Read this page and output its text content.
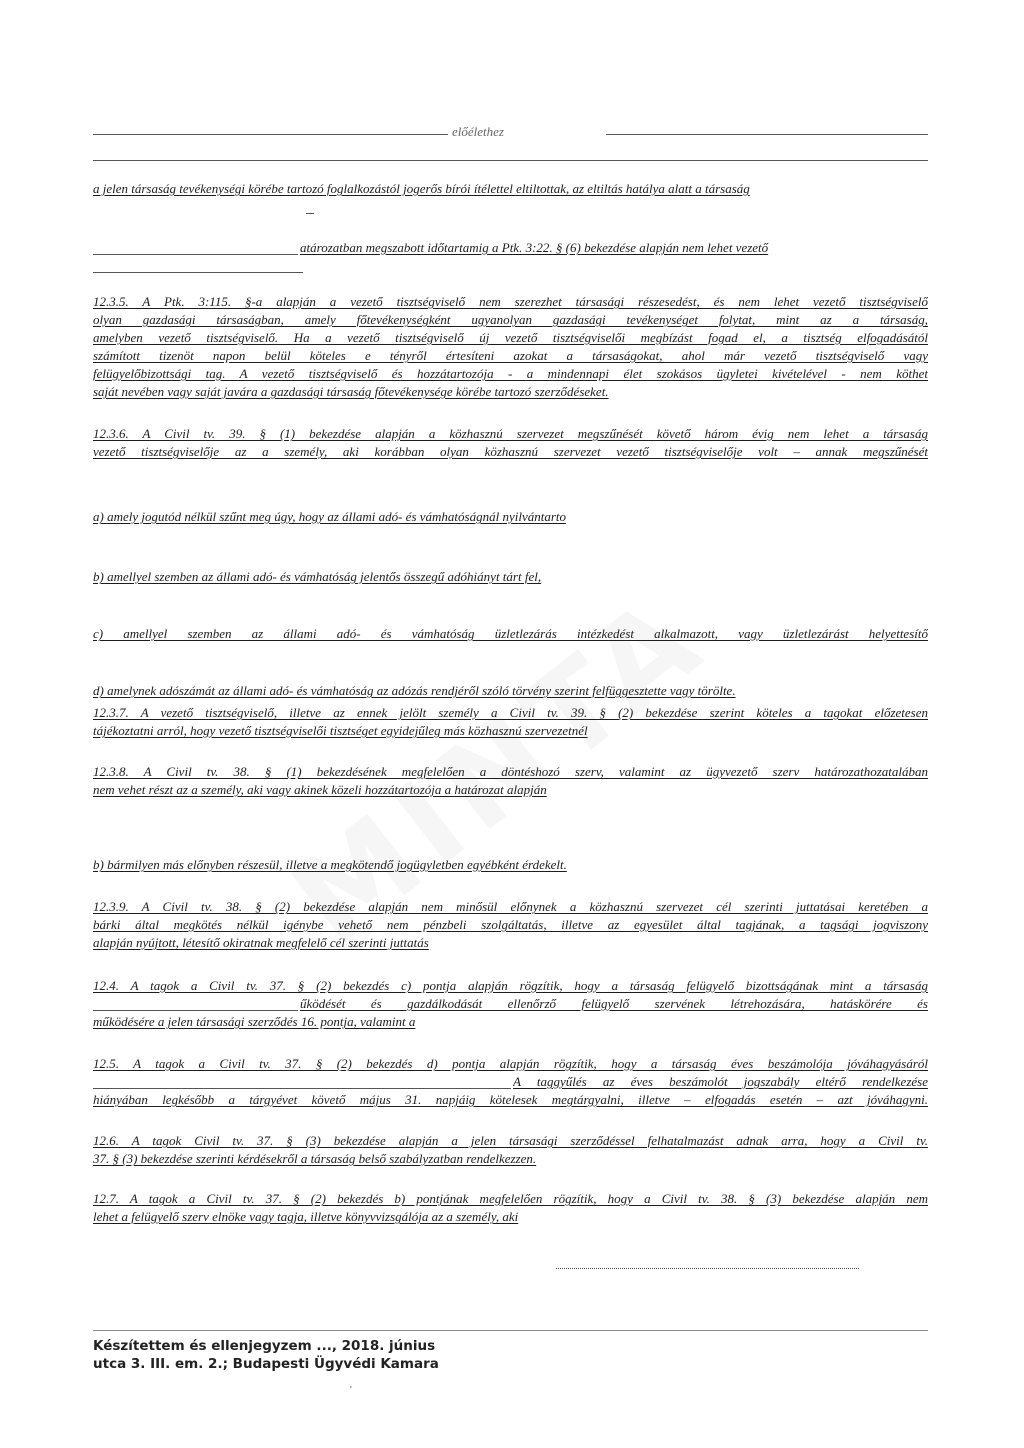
előélethez
a jelen társaság tevékenységi körébe tartozó foglalkozástól jogerős bírói ítélettel eltiltottak, az eltiltás hatálya alatt a társaság
atározatban megszabott időtartamig a Ptk. 3:22. § (6) bekezdése alapján nem lehet vezető
12.3.5. A Ptk. 3:115. §-a alapján a vezető tisztségviselő nem szerezhet társasági részesedést, és nem lehet vezető tisztségviselő
olyan gazdasági társaságban, amely főtevékenységként ugyanolyan gazdasági tevékenységet folytat, mint az a társaság,
amelyben vezető tisztségviselő. Ha a vezető tisztségviselő új vezető tisztségviselői megbízást fogad el, a tisztség elfogadásától
számított tizenöt napon belül köteles e tényről értesíteni azokat a társaságokat, ahol már vezető tisztségviselő vagy
felügyelőbizottsági tag. A vezető tisztségviselő és hozzátartozója - a mindennapi élet szokásos ügyletei kivételével - nem köthet
saját nevében vagy saját javára a gazdasági társaság főtevékenysége körébe tartozó szerződéseket.
12.3.6. A Civil tv. 39. § (1) bekezdése alapján a közhasznú szervezet megszűnését követő három évig nem lehet a társaság
vezető tisztségviselője az a személy, aki korábban olyan közhasznú szervezet vezető tisztségviselője volt – annak megszűnését
a) amely jogutód nélkül szűnt meg úgy, hogy az állami adó- és vámhatóságnál nyilvántarto
b) amellyel szemben az állami adó- és vámhatóság jelentős összegű adóhiányt tárt fel,
c) amellyel szemben az állami adó- és vámhatóság üzletlezárás intézkedést alkalmazott, vagy üzletlezárást helyettesítő
d) amelynek adószámát az állami adó- és vámhatóság az adózás rendjéről szóló törvény szerint felfüggesztette vagy törölte.
12.3.7. A vezető tisztségviselő, illetve az ennek jelölt személy a Civil tv. 39. § (2) bekezdése szerint köteles a tagokat előzetesen
tájékoztatni arról, hogy vezető tisztségviselői tisztséget egyidejűleg más közhasznú szervezetnél
12.3.8. A Civil tv. 38. § (1) bekezdésének megfelelően a döntéshozó szerv, valamint az ügyvezető szerv határozathozatalában
nem vehet részt az a személy, aki vagy akinek közeli hozzátartozója a határozat alapján
b) bármilyen más előnyben részesül, illetve a megkötendő jogügyletben egyébként érdekelt.
12.3.9. A Civil tv. 38. § (2) bekezdése alapján nem minősül előnynek a közhasznú szervezet cél szerinti juttatásai keretében a
bárki által megkötés nélkül igénybe vehető nem pénzbeli szolgáltatás, illetve az egyesület által tagjának, a tagsági jogviszony
alapján nyújtott, létesítő okiratnak megfelelő cél szerinti juttatás
12.4. A tagok a Civil tv. 37. § (2) bekezdés c) pontja alapján rögzítik, hogy a társaság felügyelő bizottságának mint a társaság
űködését és gazdálkodását ellenőrző felügyelő szervének létrehozására, hatáskörére és
működésére a jelen társasági szerződés 16. pontja, valamint a
12.5. A tagok a Civil tv. 37. § (2) bekezdés d) pontja alapján rögzítik, hogy a társaság éves beszámolója jóváhagyásáról
A taggyűlés az éves beszámolót jogszabály eltérő rendelkezése
hiányában legkésőbb a tárgyévet követő május 31. napjáig kötelesek megtárgyalni, illetve – elfogadás esetén – azt jóváhagyni.
12.6. A tagok Civil tv. 37. § (3) bekezdése alapján a jelen társasági szerződéssel felhatalmazást adnak arra, hogy a Civil tv.
37. § (3) bekezdése szerinti kérdésekről a társaság belső szabályzatban rendelkezzen.
12.7. A tagok a Civil tv. 37. § (2) bekezdés b) pontjának megfelelően rögzítik, hogy a Civil tv. 38. § (3) bekezdése alapján nem
lehet a felügyelő szerv elnöke vagy tagja, illetve könyvvizsgálója az a személy, aki
Készítettem és ellenjegyzem ..., 2018. június
utca 3. III. em. 2.; Budapesti Ügyvédi Kamara
'
